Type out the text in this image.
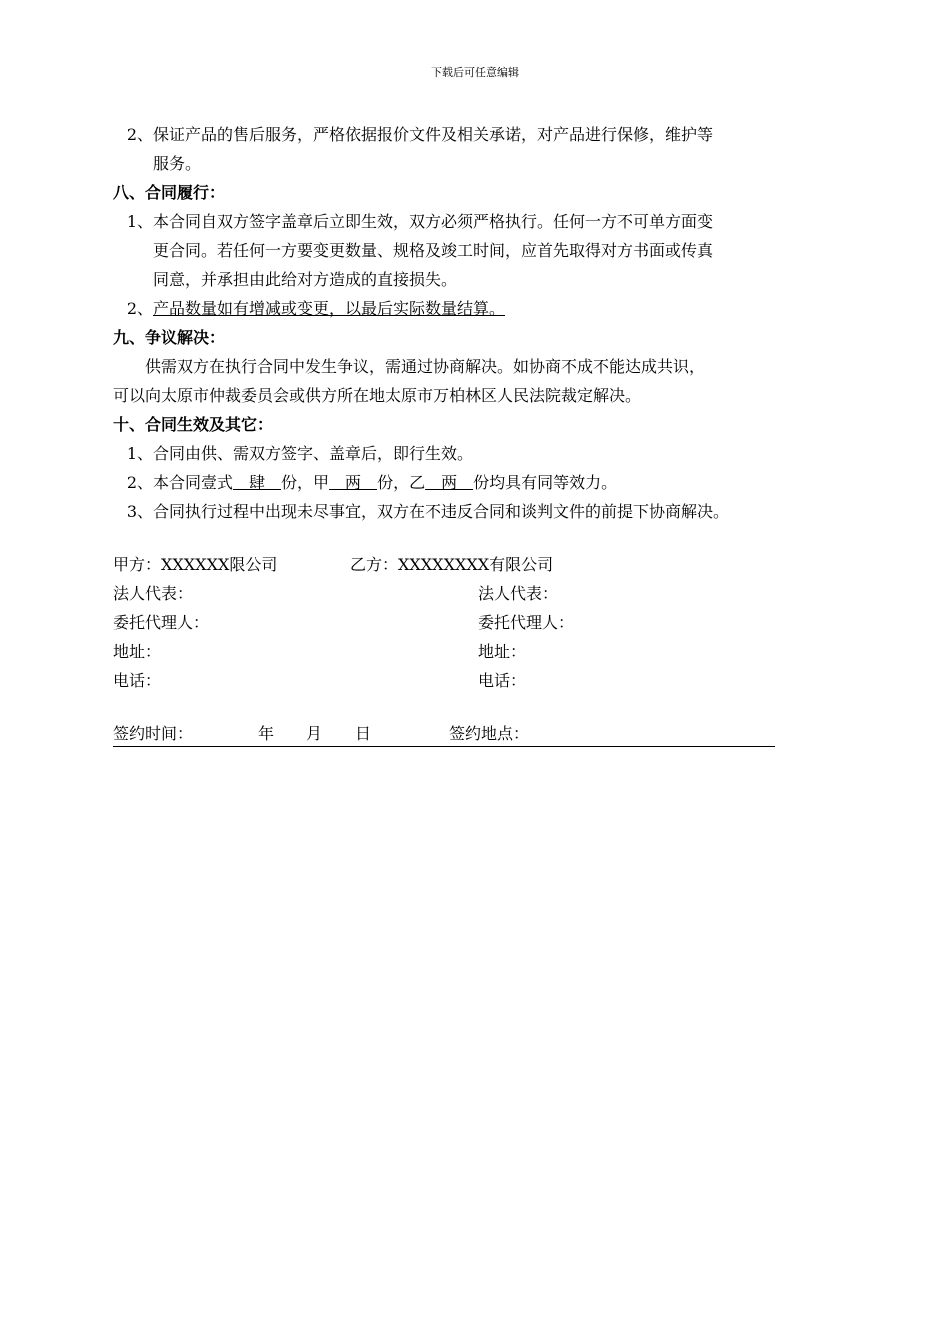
下载后可任意编辑
2、 保证产品的售后服务，严格依据报价文件及相关承诺，对产品进行保修，维护等
服务。
八、合同履行：
1、 本合同自双方签字盖章后立即生效，双方必须严格执行。任何一方不可单方面变
更合同。若任何一方要变更数量、规格及竣工时间，应首先取得对方书面或传真
同意，并承担由此给对方造成的直接损失。
2、 产品数量如有增减或变更，以最后实际数量结算。
九、争议解决：
供需双方在执行合同中发生争议，需通过协商解决。如协商不成不能达成共识，
可以向太原市仲裁委员会或供方所在地太原市万柏林区人民法院裁定解决。
十、合同生效及其它：
1、 合同由供、需双方签字、盖章后，即行生效。
2、 本合同壹式　肆　份，甲　两　份，乙　两　份均具有同等效力。
3、 合同执行过程中出现未尽事宜，双方在不违反合同和谈判文件的前提下协商解决。
甲方：XXXXXX限公司	乙方：XXXXXXXX有限公司
法人代表：	法人代表：
委托代理人：	委托代理人：
地址：	地址：
电话：	电话：
签约时间：	年 月 日	签约地点：
